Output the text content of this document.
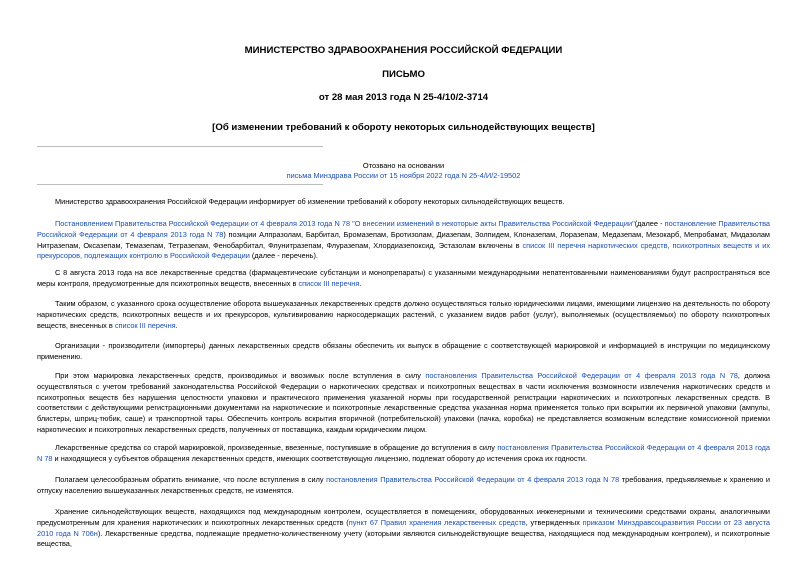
МИНИСТЕРСТВО ЗДРАВООХРАНЕНИЯ РОССИЙСКОЙ ФЕДЕРАЦИИ
ПИСЬМО
от 28 мая 2013 года N 25-4/10/2-3714
[Об изменении требований к обороту некоторых сильнодействующих веществ]
Отозвано на основании
письма Минздрава России от 15 ноября 2022 года N 25-4/И/2-19502
Министерство здравоохранения Российской Федерации информирует об изменении требований к обороту некоторых сильнодействующих веществ.
Постановлением Правительства Российской Федерации от 4 февраля 2013 года N 78 "О внесении изменений в некоторые акты Правительства Российской Федерации"(далее - постановление Правительства Российской Федерации от 4 февраля 2013 года N 78) позиции Алпразолам, Барбитал, Бромазепам, Бротизолам, Диазепам, Золпидем, Клоназепам, Лоразепам, Медазепам, Мезокарб, Мепробамат, Мидазолам Нитразепам, Оксазепам, Темазепам, Тетразепам, Фенобарбитал, Флунитразепам, Флуразепам, Хлордиазепоксид, Эстазолам включены в список III перечня наркотических средств, психотропных веществ и их прекурсоров, подлежащих контролю в Российской Федерации (далее - перечень).
С 8 августа 2013 года на все лекарственные средства (фармацевтические субстанции и монопрепараты) с указанными международными непатентованными наименованиями будут распространяться все меры контроля, предусмотренные для психотропных веществ, внесенных в список III перечня.
Таким образом, с указанного срока осуществление оборота вышеуказанных лекарственных средств должно осуществляться только юридическими лицами, имеющими лицензию на деятельность по обороту наркотических средств, психотропных веществ и их прекурсоров, культивированию наркосодержащих растений, с указанием видов работ (услуг), выполняемых (осуществляемых) по обороту психотропных веществ, внесенных в список III перечня.
Организации - производители (импортеры) данных лекарственных средств обязаны обеспечить их выпуск в обращение с соответствующей маркировкой и информацией в инструкции по медицинскому применению.
При этом маркировка лекарственных средств, производимых и ввозимых после вступления в силу постановления Правительства Российской Федерации от 4 февраля 2013 года N 78, должна осуществляться с учетом требований законодательства Российской Федерации о наркотических средствах и психотропных веществах в части исключения возможности извлечения наркотических средств и психотропных веществ без нарушения целостности упаковки и практического применения указанной нормы при государственной регистрации наркотических и психотропных лекарственных средств. В соответствии с действующими регистрационными документами на наркотические и психотропные лекарственные средства указанная норма применяется только при вскрытии их первичной упаковки (ампулы, блистеры, шприц-тюбик, саше) и транспортной тары. Обеспечить контроль вскрытия вторичной (потребительской) упаковки (пачка, коробка) не представляется возможным вследствие комиссионной приемки наркотических и психотропных лекарственных средств, полученных от поставщика, каждым юридическим лицом.
Лекарственные средства со старой маркировкой, произведенные, ввезенные, поступившие в обращение до вступления в силу постановления Правительства Российской Федерации от 4 февраля 2013 года N 78 и находящиеся у субъектов обращения лекарственных средств, имеющих соответствующую лицензию, подлежат обороту до истечения срока их годности.
Полагаем целесообразным обратить внимание, что после вступления в силу постановления Правительства Российской Федерации от 4 февраля 2013 года N 78 требования, предъявляемые к хранению и отпуску населению вышеуказанных лекарственных средств, не изменятся.
Хранение сильнодействующих веществ, находящихся под международным контролем, осуществляется в помещениях, оборудованных инженерными и техническими средствами охраны, аналогичными предусмотренным для хранения наркотических и психотропных лекарственных средств (пункт 67 Правил хранения лекарственных средств, утвержденных приказом Минздравсоцразвития России от 23 августа 2010 года N 706н). Лекарственные средства, подлежащие предметно-количественному учету (которыми являются сильнодействующие вещества, находящиеся под международным контролем), и психотропные вещества,
